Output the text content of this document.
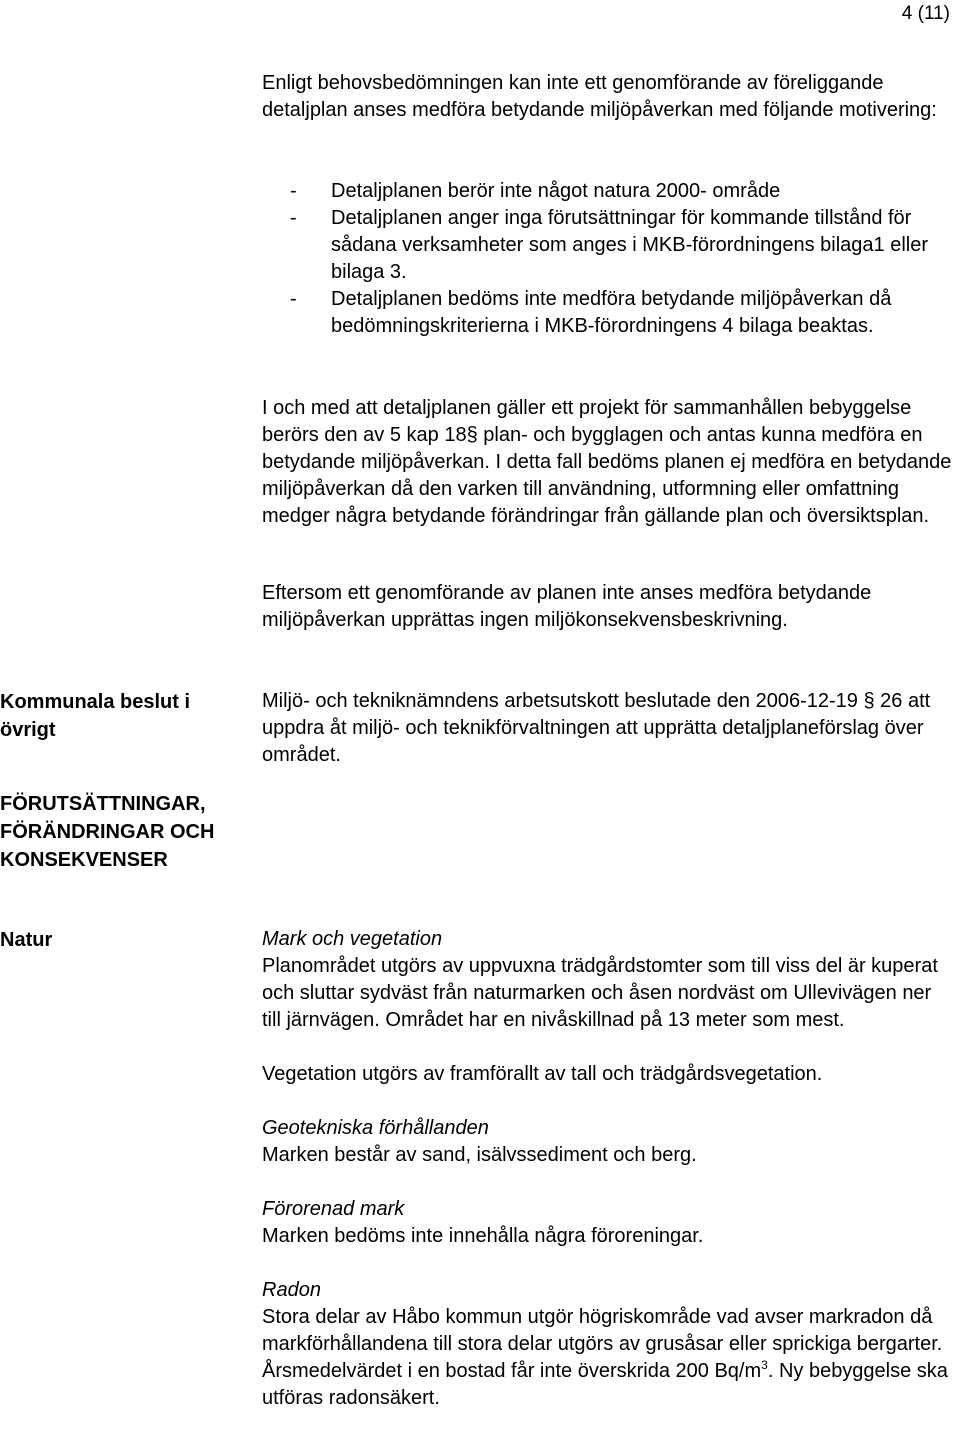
4 (11)

Enligt behovsbedömningen kan inte ett genomförande av föreliggande detaljplan anses medföra betydande miljöpåverkan med följande motivering:

- Detaljplanen berör inte något natura 2000- område
- Detaljplanen anger inga förutsättningar för kommande tillstånd för sådana verksamheter som anges i MKB-förordningens bilaga1 eller bilaga 3.
- Detaljplanen bedöms inte medföra betydande miljöpåverkan då bedömningskriterierna i MKB-förordningens 4 bilaga beaktas.

I och med att detaljplanen gäller ett projekt för sammanhållen bebyggelse berörs den av 5 kap 18§ plan- och bygglagen och antas kunna medföra en betydande miljöpåverkan. I detta fall bedöms planen ej medföra en betydande miljöpåverkan då den varken till användning, utformning eller omfattning medger några betydande förändringar från gällande plan och översiktsplan.

Eftersom ett genomförande av planen inte anses medföra betydande miljöpåverkan upprättas ingen miljökonsekvensbeskrivning.

Kommunala beslut i övrigt

Miljö- och tekniknämndens arbetsutskott beslutade den 2006-12-19 § 26 att uppdra åt miljö- och teknikförvaltningen att upprätta detaljplaneförslag över området.

FÖRUTSÄTTNINGAR, FÖRÄNDRINGAR OCH KONSEKVENSER
Natur	Mark och vegetation

Planområdet utgörs av uppvuxna trädgårdstomter som till viss del är kuperat och sluttar sydväst från naturmarken och åsen nordväst om Ullevivägen ner till järnvägen. Området har en nivåskillnad på 13 meter som mest.

Vegetation utgörs av framförallt av tall och trädgårdsvegetation.

Geotekniska förhållanden

Marken består av sand, isälvssediment och berg.

Förorenad mark

Marken bedöms inte innehålla några föroreningar.

Radon

Stora delar av Håbo kommun utgör högriskområde vad avser markradon då markförhållandena till stora delar utgörs av grusåsar eller sprickiga bergarter. Årsmedelvärdet i en bostad får inte överskrida 200 $Bq/m^3$. Ny bebyggelse ska utföras radonsäkert.
